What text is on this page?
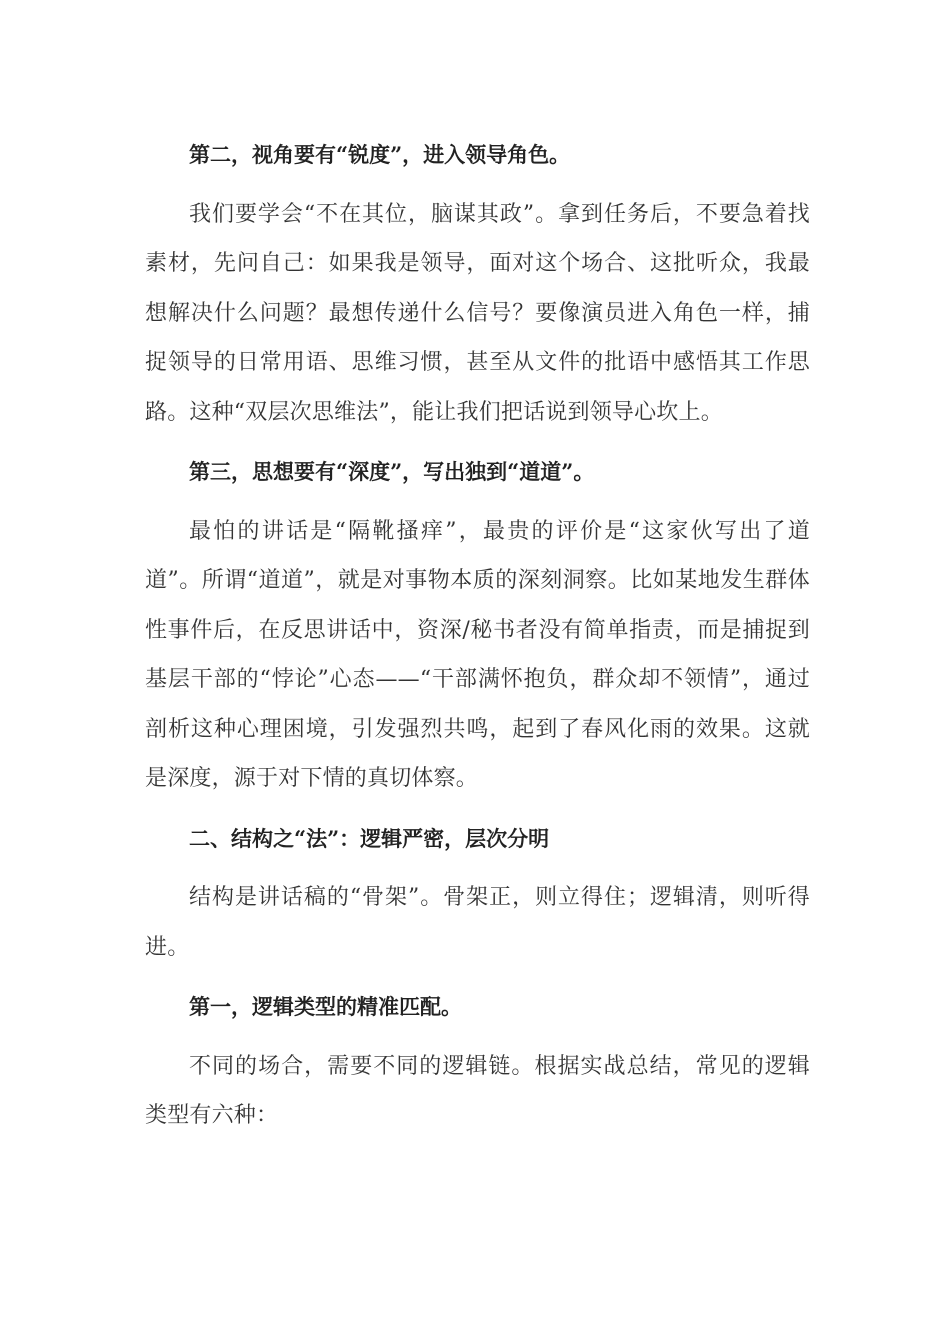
第二，视角要有“锐度”，进入领导角色。

我们要学会“不在其位，脑谋其政”。拿到任务后，不要急着找素材，先问自己：如果我是领导，面对这个场合、这批听众，我最想解决什么问题？最想传递什么信号？要像演员进入角色一样，捕捉领导的日常用语、思维习惯，甚至从文件的批语中感悟其工作思路。这种“双层次思维法”，能让我们把话说到领导心坎上。

第三，思想要有“深度”，写出独到“道道”。

最怕的讲话是“隔靴搔痒”，最贵的评价是“这家伙写出了道道”。所谓“道道”，就是对事物本质的深刻洞察。比如某地发生群体性事件后，在反思讲话中，资深/秘书者没有简单指责，而是捕捉到基层干部的“悖论”心态——“干部满怀抱负，群众却不领情”，通过剖析这种心理困境，引发强烈共鸣，起到了春风化雨的效果。这就是深度，源于对下情的真切体察。

二、结构之“法”：逻辑严密，层次分明

结构是讲话稿的“骨架”。骨架正，则立得住；逻辑清，则听得进。

第一，逻辑类型的精准匹配。

不同的场合，需要不同的逻辑链。根据实战总结，常见的逻辑类型有六种：
